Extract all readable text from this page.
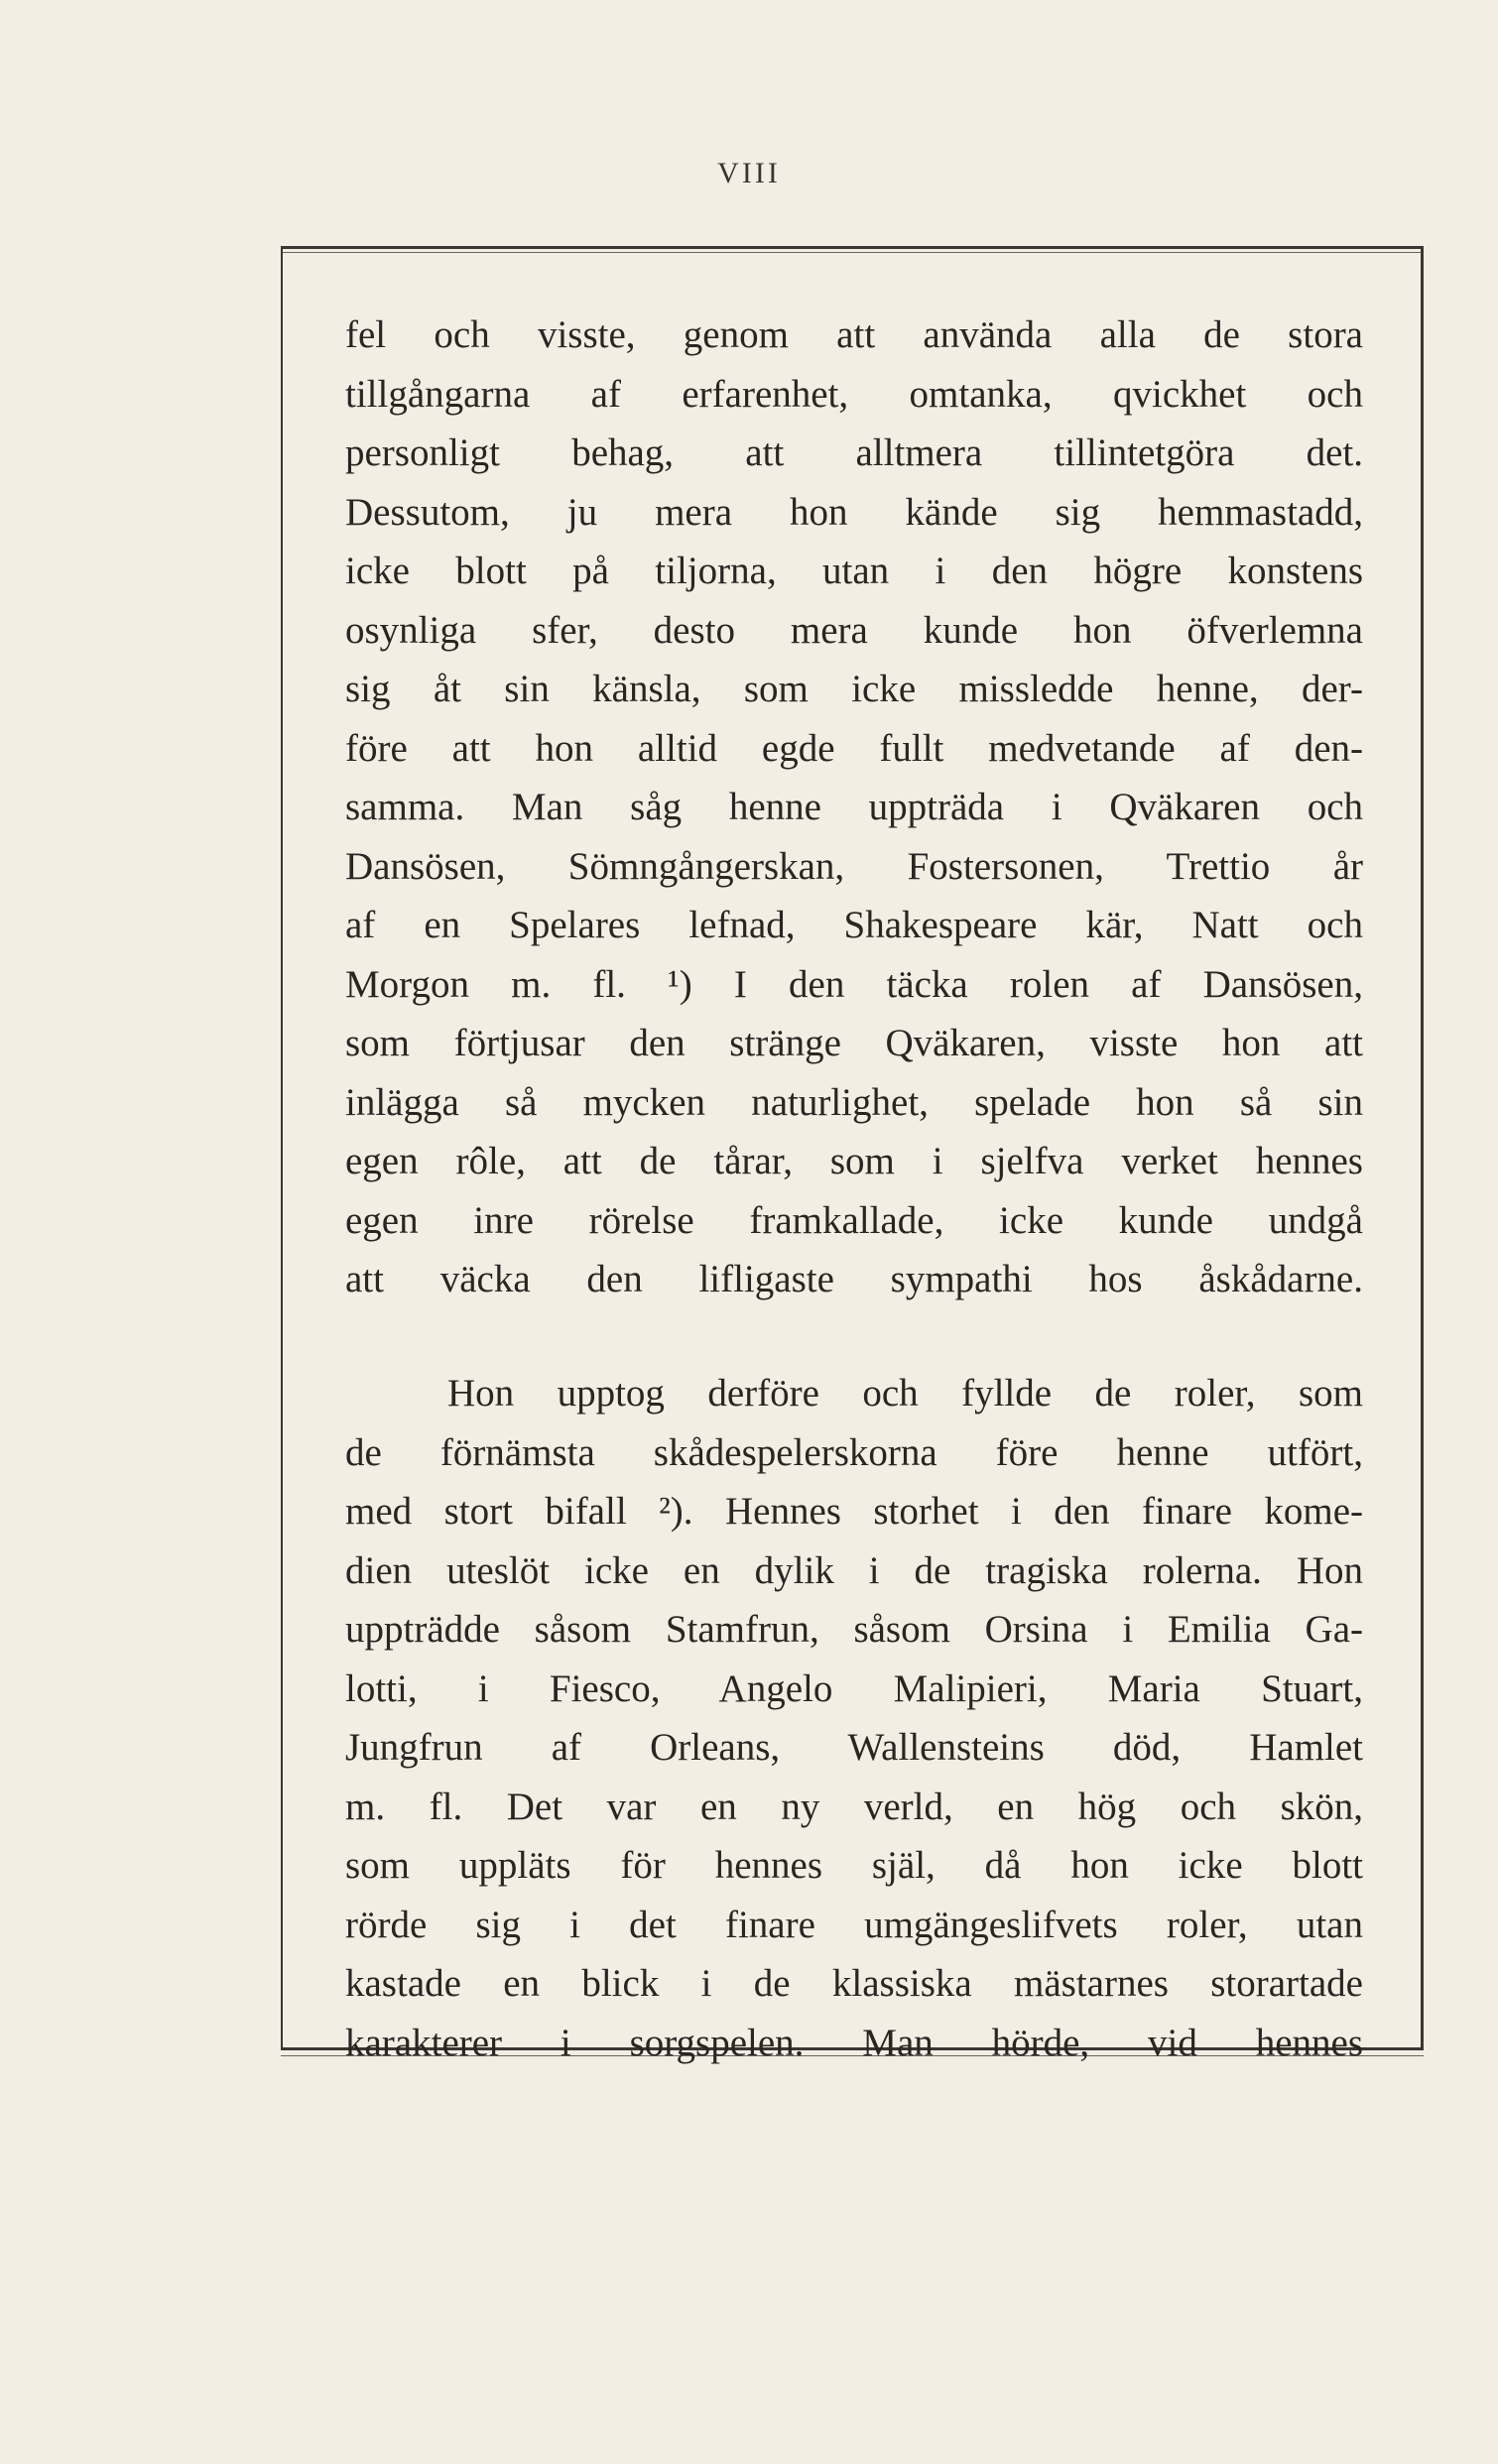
VIII
fel och visste, genom att använda alla de stora
tillgångarna af erfarenhet, omtanka, qvickhet och
personligt behag, att alltmera tillintetgöra det.
Dessutom, ju mera hon kände sig hemmastadd,
icke blott på tiljorna, utan i den högre konstens
osynliga sfer, desto mera kunde hon öfverlemna
sig åt sin känsla, som icke missledde henne, der-
före att hon alltid egde fullt medvetande af den-
samma. Man såg henne uppträda i Qväkaren och
Dansösen, Sömngångerskan, Fostersonen, Trettio år
af en Spelares lefnad, Shakespeare kär, Natt och
Morgon m. fl. ¹) I den täcka rolen af Dansösen,
som förtjusar den stränge Qväkaren, visste hon att
inlägga så mycken naturlighet, spelade hon så sin
egen rôle, att de tårar, som i sjelfva verket hennes
egen inre rörelse framkallade, icke kunde undgå
att väcka den lifligaste sympathi hos åskådarne.
Hon upptog derföre och fyllde de roler, som
de förnämsta skådespelerskorna före henne utfört,
med stort bifall ²). Hennes storhet i den finare kome-
dien uteslöt icke en dylik i de tragiska rolerna. Hon
uppträdde såsom Stamfrun, såsom Orsina i Emilia Ga-
lotti, i Fiesco, Angelo Malipieri, Maria Stuart,
Jungfrun af Orleans, Wallensteins död, Hamlet
m. fl. Det var en ny verld, en hög och skön,
som uppläts för hennes själ, då hon icke blott
rörde sig i det finare umgängeslifvets roler, utan
kastade en blick i de klassiska mästarnes storartade
karakterer i sorgspelen. Man hörde, vid hennes
